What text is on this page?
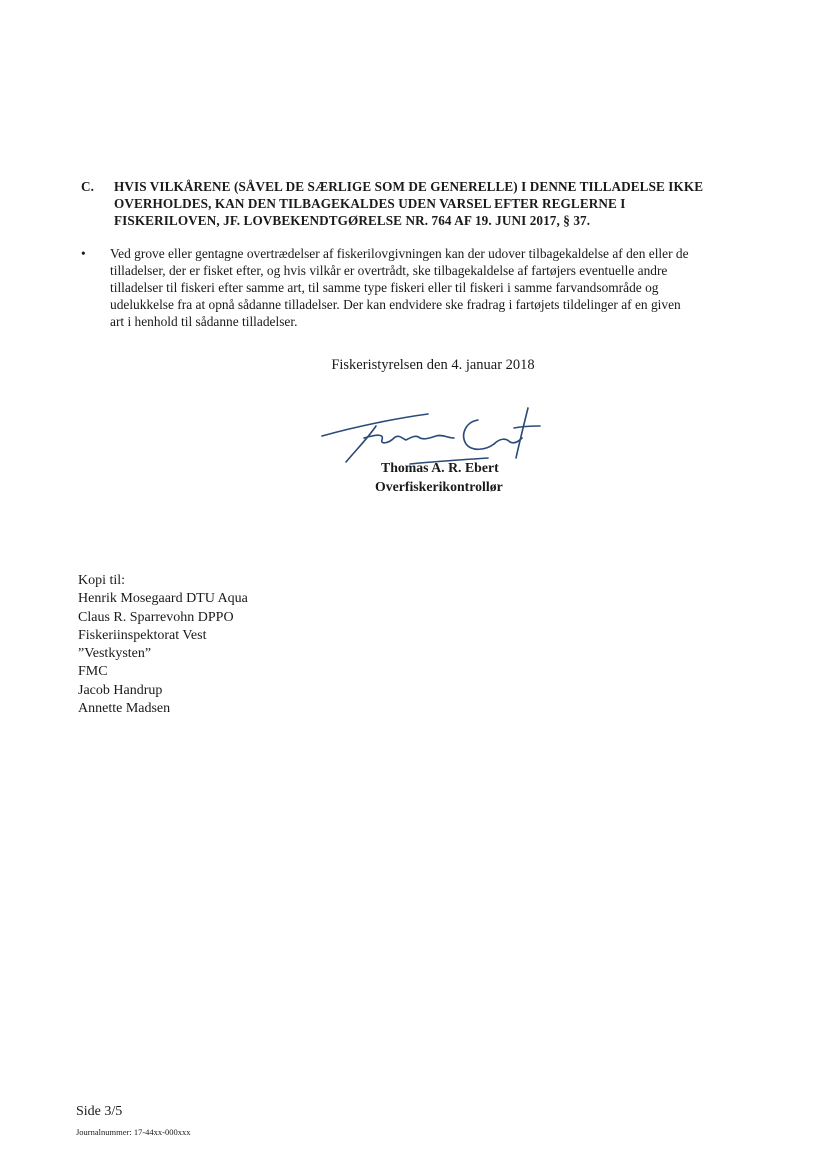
C. HVIS VILKÅRENE (SÅVEL DE SÆRLIGE SOM DE GENERELLE) I DENNE TILLADELSE IKKE
OVERHOLDES, KAN DEN TILBAGEKALDES UDEN VARSEL EFTER REGLERNE I
FISKERILOVEN, JF. LOVBEKENDTGØRELSE NR. 764 AF 19. JUNI 2017, § 37.
• Ved grove eller gentagne overtrædelser af fiskerilovgivningen kan der udover tilbagekaldelse af den eller de
tilladelser, der er fisket efter, og hvis vilkår er overtrådt, ske tilbagekaldelse af fartøjers eventuelle andre
tilladelser til fiskeri efter samme art, til samme type fiskeri eller til fiskeri i samme farvandsområde og
udelukkelse fra at opnå sådanne tilladelser. Der kan endvidere ske fradrag i fartøjets tildelinger af en given
art i henhold til sådanne tilladelser.
Fiskeristyrelsen den 4. januar 2018
Thomas A. R. Ebert
Overfiskerikontrollør
Kopi til:
Henrik Mosegaard DTU Aqua
Claus R. Sparrevohn DPPO
Fiskeriinspektorat Vest
”Vestkysten”
FMC
Jacob Handrup
Annette Madsen
Side 3/5
Journalnummer: 17-44xx-000xxx
